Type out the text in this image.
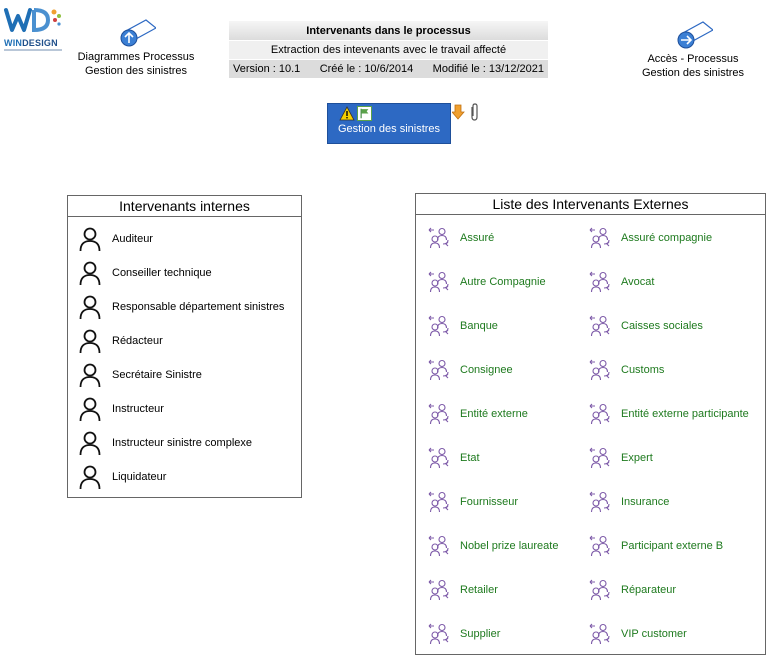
WINDESIGN
Diagrammes Processus
Gestion des sinistres
Intervenants dans le processus
Extraction des intevenants avec le travail affecté
Version : 10.1 Créé le : 10/6/2014 Modifié le : 13/12/2021
Accès - Processus
Gestion des sinistres
Gestion des sinistres
Intervenants internes
Auditeur
Conseiller technique
Responsable département sinistres
Rédacteur
Secrétaire Sinistre
Instructeur
Instructeur sinistre complexe
Liquidateur
Liste des Intervenants Externes
Assuré
Autre Compagnie
Banque
Consignee
Entité externe
Etat
Fournisseur
Nobel prize laureate
Retailer
Supplier
Assuré compagnie
Avocat
Caisses sociales
Customs
Entité externe participante
Expert
Insurance
Participant externe B
Réparateur
VIP customer
